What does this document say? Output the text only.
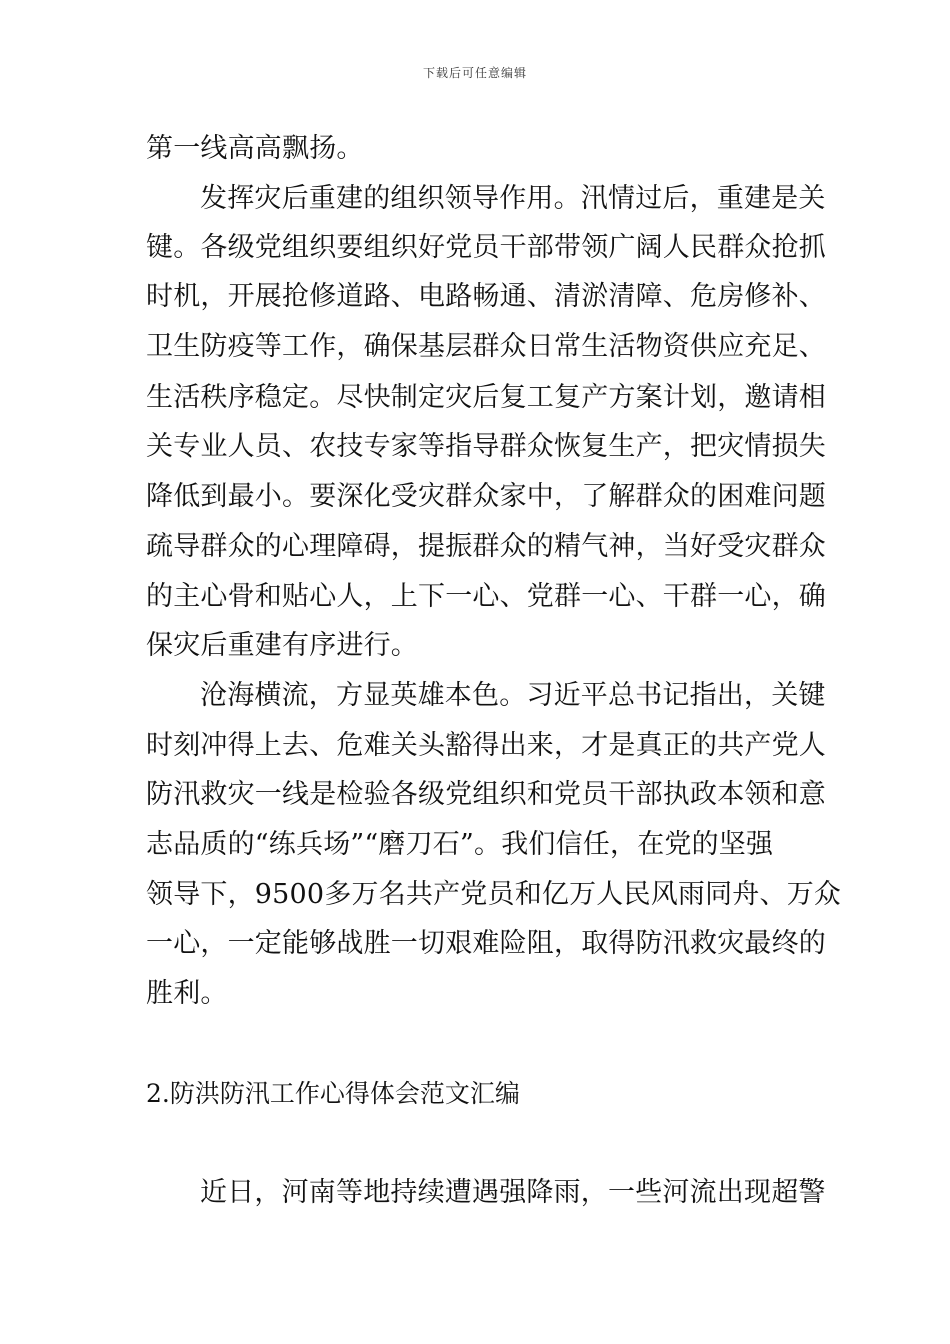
下载后可任意编辑
第一线高高飘扬。
发挥灾后重建的组织领导作用。汛情过后，重建是关
键。各级党组织要组织好党员干部带领广阔人民群众抢抓
时机，开展抢修道路、电路畅通、清淤清障、危房修补、
卫生防疫等工作，确保基层群众日常生活物资供应充足、
生活秩序稳定。尽快制定灾后复工复产方案计划，邀请相
关专业人员、农技专家等指导群众恢复生产，把灾情损失
降低到最小。要深化受灾群众家中，了解群众的困难问题
疏导群众的心理障碍，提振群众的精气神，当好受灾群众
的主心骨和贴心人，上下一心、党群一心、干群一心，确
保灾后重建有序进行。
沧海横流，方显英雄本色。习近平总书记指出，关键
时刻冲得上去、危难关头豁得出来，才是真正的共产党人
防汛救灾一线是检验各级党组织和党员干部执政本领和意
志品质的“练兵场”“磨刀石”。我们信任，在党的坚强
领导下，9500多万名共产党员和亿万人民风雨同舟、万众
一心，一定能够战胜一切艰难险阻，取得防汛救灾最终的
胜利。
2.防洪防汛工作心得体会范文汇编
近日，河南等地持续遭遇强降雨，一些河流出现超警
